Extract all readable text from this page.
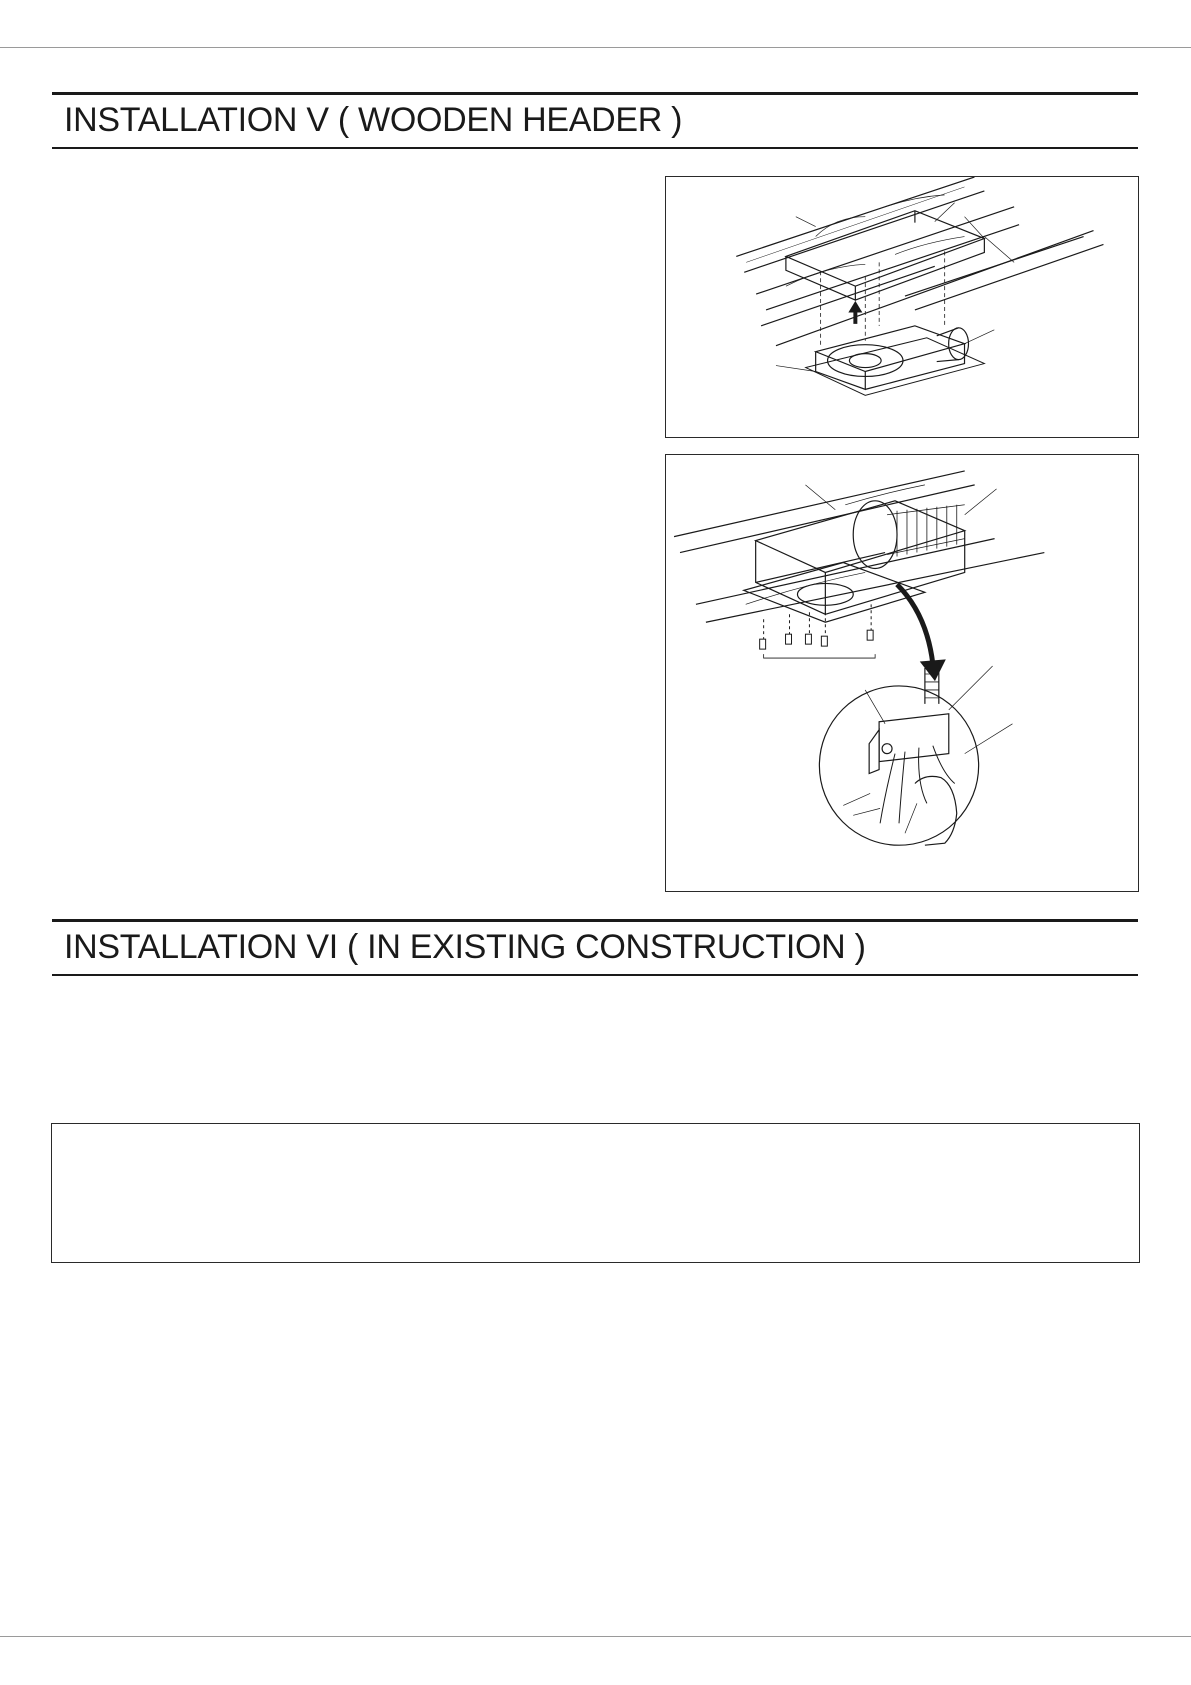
INSTALLATION V ( WOODEN HEADER )
INSTALLATION VI ( IN EXISTING CONSTRUCTION )
